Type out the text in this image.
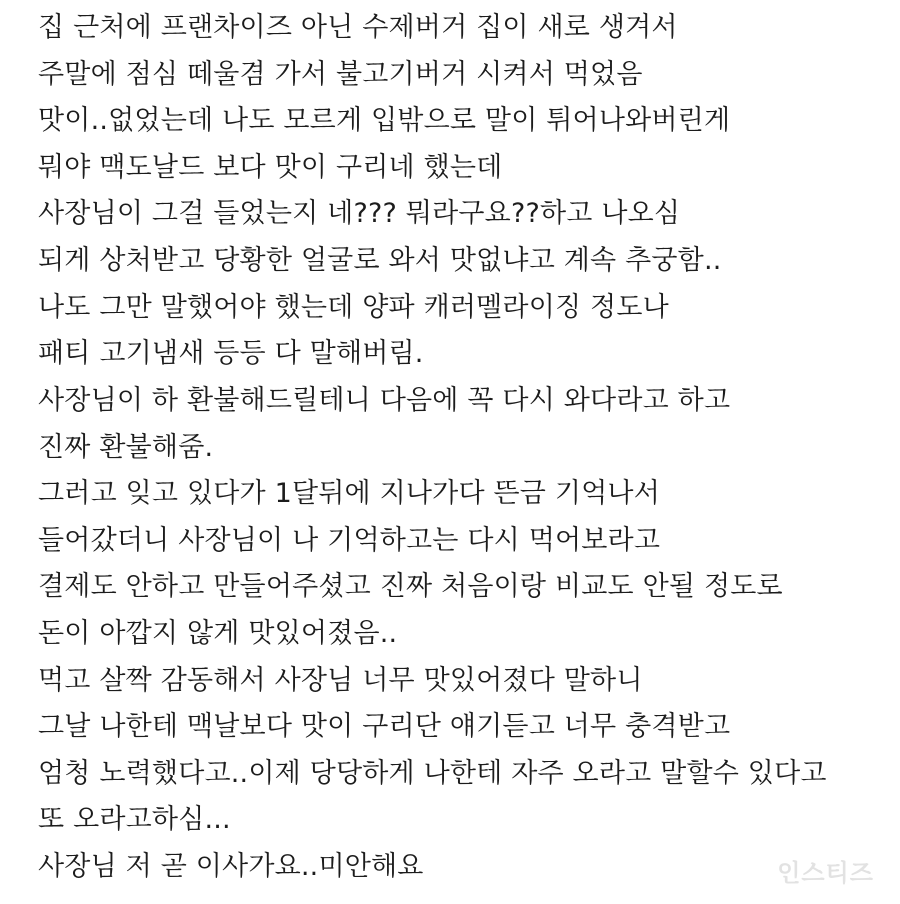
집 근처에 프랜차이즈 아닌 수제버거 집이 새로 생겨서
주말에 점심 떼울겸 가서 불고기버거 시켜서 먹었음
맛이..없었는데 나도 모르게 입밖으로 말이 튀어나와버린게
뭐야 맥도날드 보다 맛이 구리네 했는데
사장님이 그걸 들었는지 네??? 뭐라구요??하고 나오심
되게 상처받고 당황한 얼굴로 와서 맛없냐고 계속 추궁함..
나도 그만 말했어야 했는데 양파 캐러멜라이징 정도나
패티 고기냄새 등등 다 말해버림.
사장님이 하 환불해드릴테니 다음에 꼭 다시 와다라고 하고
진짜 환불해줌.
그러고 잊고 있다가 1달뒤에 지나가다 뜬금 기억나서
들어갔더니 사장님이 나 기억하고는 다시 먹어보라고
결제도 안하고 만들어주셨고 진짜 처음이랑 비교도 안될 정도로
돈이 아깝지 않게 맛있어졌음..
먹고 살짝 감동해서 사장님 너무 맛있어졌다 말하니
그날 나한테 맥날보다 맛이 구리단 얘기듣고 너무 충격받고
엄청 노력했다고..이제 당당하게 나한테 자주 오라고 말할수 있다고
또 오라고하심...
사장님 저 곧 이사가요..미안해요	인스티즈
